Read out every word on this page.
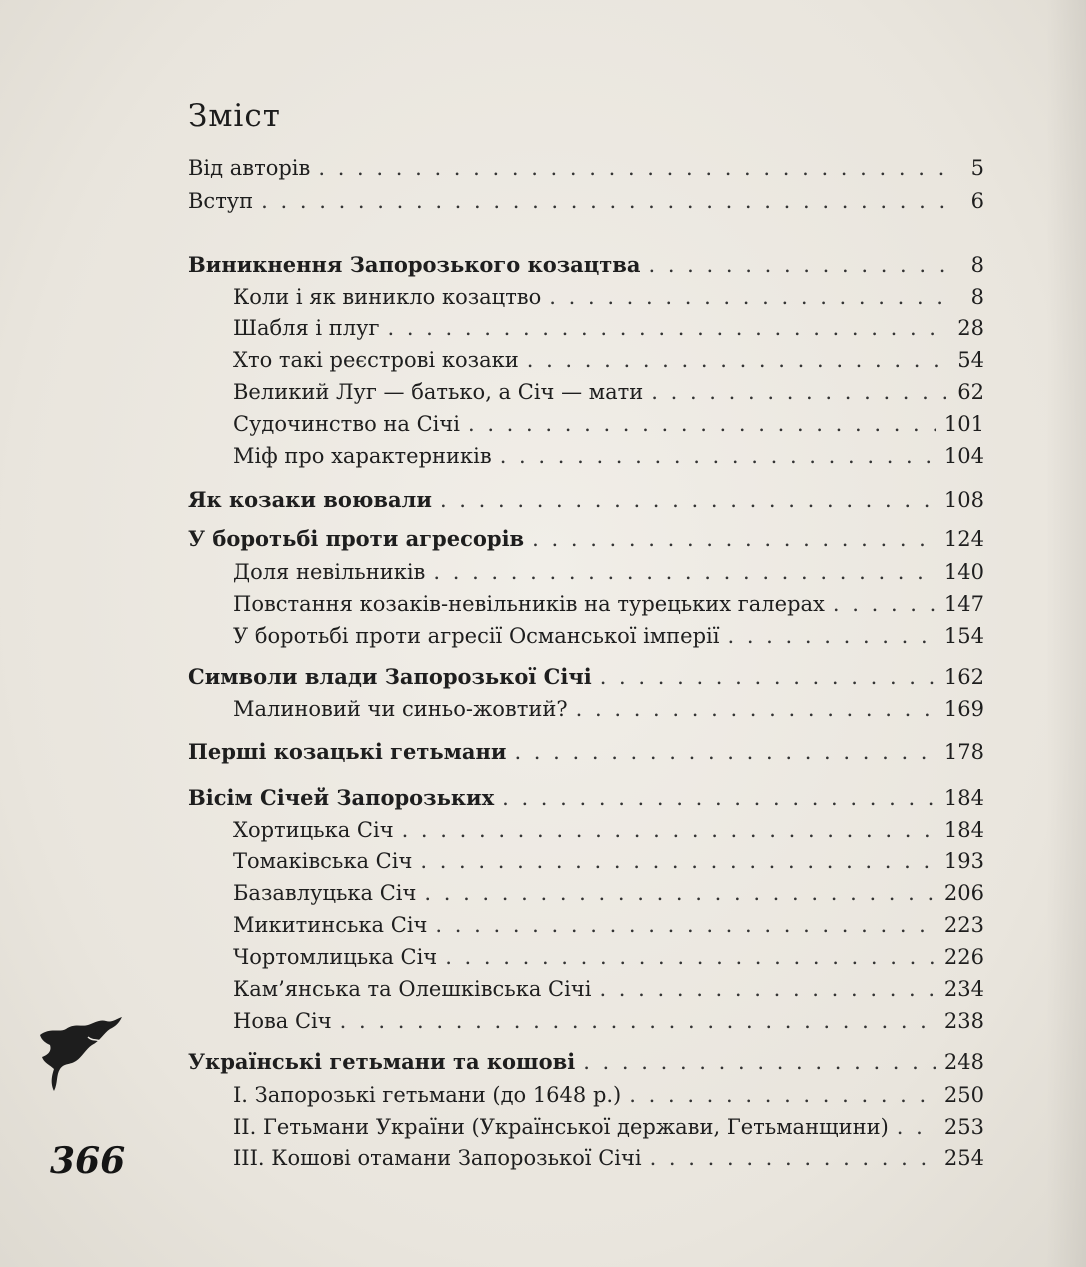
Зміст
Від авторів . . .	5
Вступ . . .	6
Виникнення Запорозького козацтва . . .	8
Коли і як виникло козацтво . . .	8
Шабля і плуг . . .	28
Хто такі реєстрові козаки . . .	54
Великий Луг — батько, а Січ — мати . . .	62
Судочинство на Січі . . .	101
Міф про характерників . . .	104
Як козаки воювали . . .	108
У боротьбі проти агресорів . . .	124
Доля невільників . . .	140
Повстання козаків-невільників на турецьких галерах . . .	147
У боротьбі проти агресії Османської імперії . . .	154
Символи влади Запорозької Січі . . .	162
Малиновий чи синьо-жовтий? . . .	169
Перші козацькі гетьмани . . .	178
Вісім Січей Запорозьких . . .	184
Хортицька Січ . . .	184
Томаківська Січ . . .	193
Базавлуцька Січ . . .	206
Микитинська Січ . . .	223
Чортомлицька Січ . . .	226
Кам’янська та Олешківська Січі . . .	234
Нова Січ . . .	238
Українські гетьмани та кошові . . .	248
І. Запорозькі гетьмани (до 1648 р.) . . .	250
ІІ. Гетьмани України (Української держави, Гетьманщини) . . .	253
ІІІ. Кошові отамани Запорозької Січі . . .	254
366
